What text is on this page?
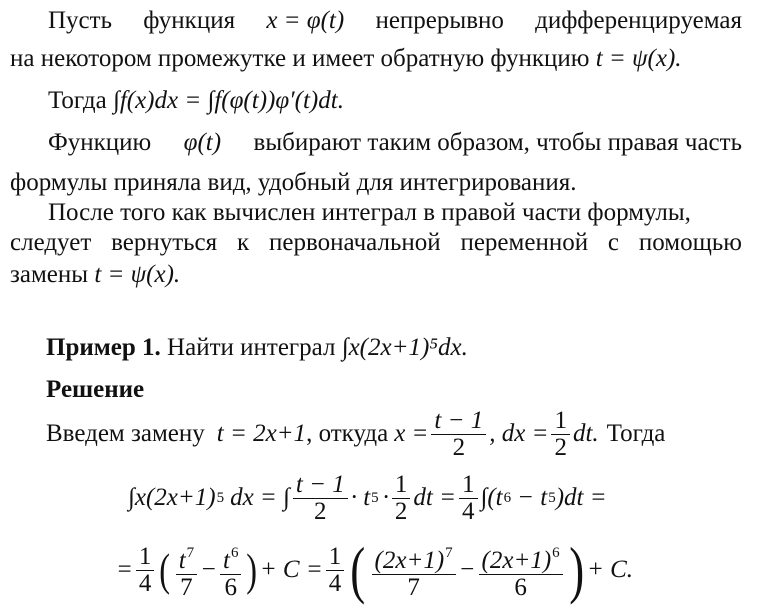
Пусть функция x = φ(t) непрерывно дифференцируемая
на некотором промежутке и имеет обратную функцию t = ψ(x).
Тогда ∫f(x)dx = ∫f(φ(t))φ′(t)dt.
Функцию φ(t) выбирают таким образом, чтобы правая часть
формулы приняла вид, удобный для интегрирования.
После того как вычислен интеграл в правой части формулы,
следует вернуться к первоначальной переменной с помощью
замены t = ψ(x).
Пример 1. Найти интеграл ∫x(2x+1)⁵dx.
Решение
Введем замену t = 2x+1 , откуда $x = \frac{t - 1}{2}$ , dx = $\frac{1}{2}$ dt. Тогда
∫x(2x+1) 5 dx = ∫ $\frac{t - 1}{2} \cdot t$ $5 \cdot \frac{1}{2}$ dt = $\frac{1}{4} \int(t$ 6 − t 5 )dt =
= $\frac{1}{4}$ ( $\frac{t^7}{7} - \frac{t^6}{6}$ ) + $C = \frac{1}{4}$ ( $\frac{(2x+1)^7}{7} - \frac{(2x+1)^6}{6}$ ) + C.
